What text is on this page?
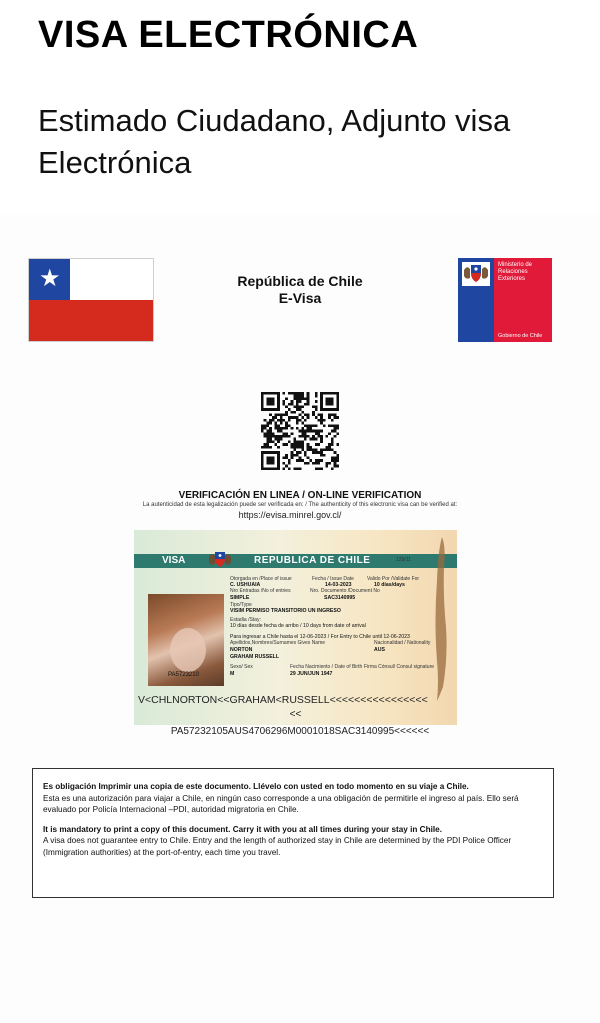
VISA ELECTRÓNICA
Estimado Ciudadano, Adjunto visa Electrónica
★	República de Chile
E-Visa
Ministerio de
Relaciones
Exteriores
Gobierno de Chile
VERIFICACIÓN EN LINEA / ON-LINE VERIFICATION
La autenticidad de esta legalización puede ser verificada en: / The authenticity of this electronic visa can be verified at:
https://evisa.minrel.gov.cl/
VISA	REPUBLICA DE CHILE	129/11
PA5723210
Otorgada en /Place of issue	Fecha / Issue Date	Valido Por /Validate For
C. USHUAIA	14-03-2023	10 días/days
Nro Entradas /No of entries	Nro. Documento /Document No
SIMPLE	SAC3140995
Tipo/Type
VISIM PERMISO TRANSITORIO UN INGRESO
Estadia /Stay:
10 días desde fecha de arribo / 10 days from date of arrival
Para ingresar a Chile hasta el 12-06-2023 / For Entry to Chile until 12-06-2023
Apellidos,Nombres/Surnames Gives Name	Nacionalidad / Nationality
NORTON	AUS
GRAHAM RUSSELL
Sexo/ Sex	Fecha Nacimiento / Date of Birth Firma Cónsul/ Consul signature
M	29 JUN/JUN 1947
V<CHLNORTON<<GRAHAM<RUSSELL<<<<<<<<<<<<<<<<
<<
PA57232105AUS4706296M0001018SAC3140995<<<<<<

Es obligación Imprimir una copia de este documento. Llévelo con usted en todo momento en su viaje a Chile.
Esta es una autorización para viajar a Chile, en ningún caso corresponde a una obligación de permitirle el ingreso al país. Ello será evaluado por Policía Internacional –PDI, autoridad migratoria en Chile.

It is mandatory to print a copy of this document. Carry it with you at all times during your stay in Chile.
A visa does not guarantee entry to Chile. Entry and the length of authorized stay in Chile are determined by the PDI Police Officer (Immigration authorities) at the port-of-entry, each time you travel.
